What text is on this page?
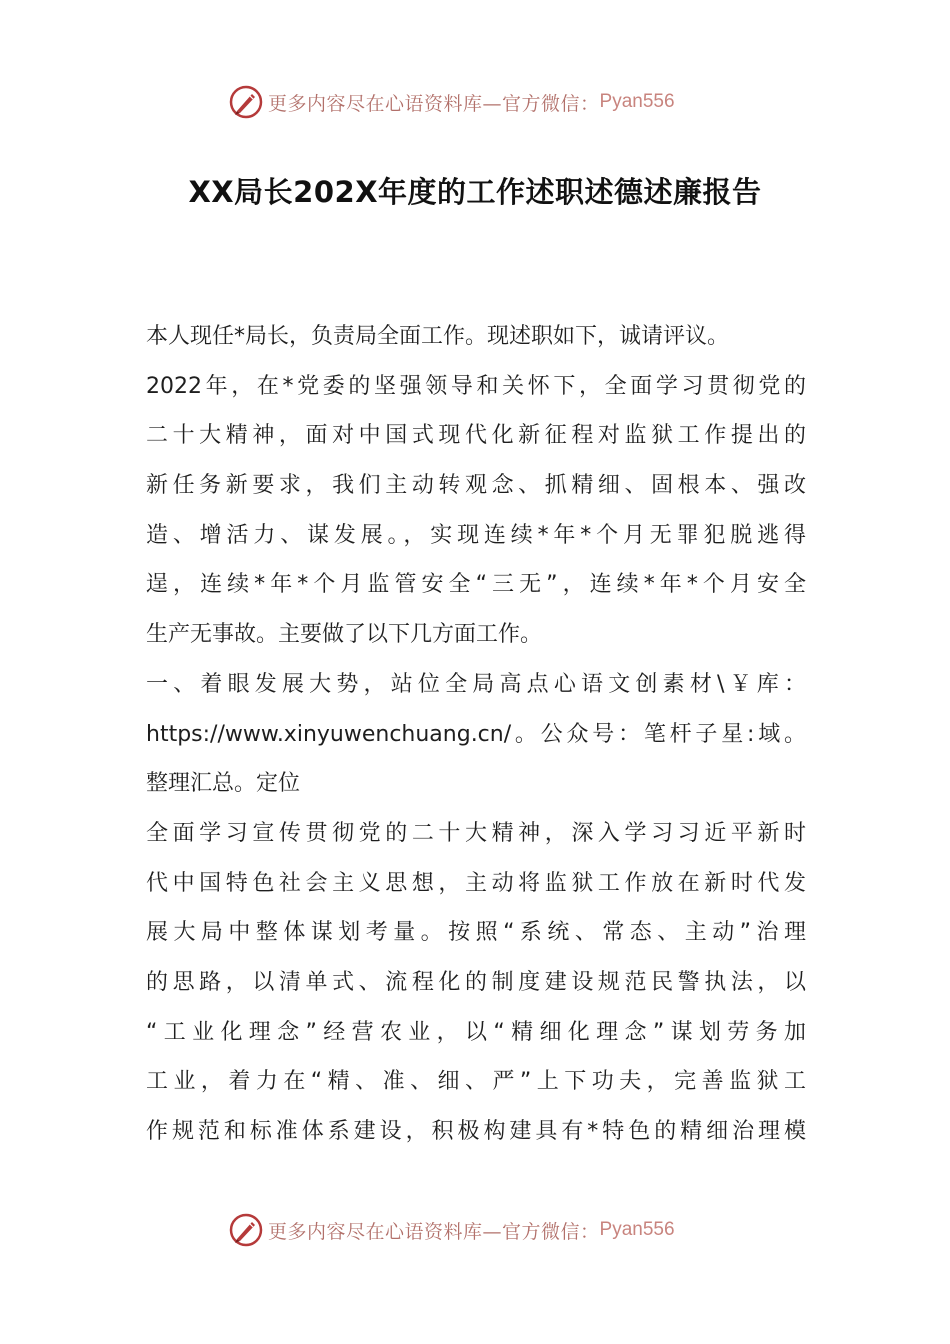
更多内容尽在心语资料库—官方微信： Pyan556
XX局长202X年度的工作述职述德述廉报告
本人现任*局长，负责局全面工作。现述职如下，诚请评议。
2022年，在*党委的坚强领导和关怀下，全面学习贯彻党的
二十大精神，面对中国式现代化新征程对监狱工作提出的
新任务新要求，我们主动转观念、抓精细、固根本、强改
造、增活力、谋发展。，实现连续*年*个月无罪犯脱逃得
逞，连续*年*个月监管安全“三无”，连续*年*个月安全
生产无事故。主要做了以下几方面工作。
一、着眼发展大势，站位全局高点心语文创素材\￥库：
https://www.xinyuwenchuang.cn/。公众号：笔杆子星:域。
整理汇总。定位
全面学习宣传贯彻党的二十大精神，深入学习习近平新时
代中国特色社会主义思想，主动将监狱工作放在新时代发
展大局中整体谋划考量。按照“系统、常态、主动”治理
的思路，以清单式、流程化的制度建设规范民警执法，以
“工业化理念”经营农业，以“精细化理念”谋划劳务加
工业，着力在“精、准、细、严”上下功夫，完善监狱工
作规范和标准体系建设，积极构建具有*特色的精细治理模
更多内容尽在心语资料库—官方微信： Pyan556
